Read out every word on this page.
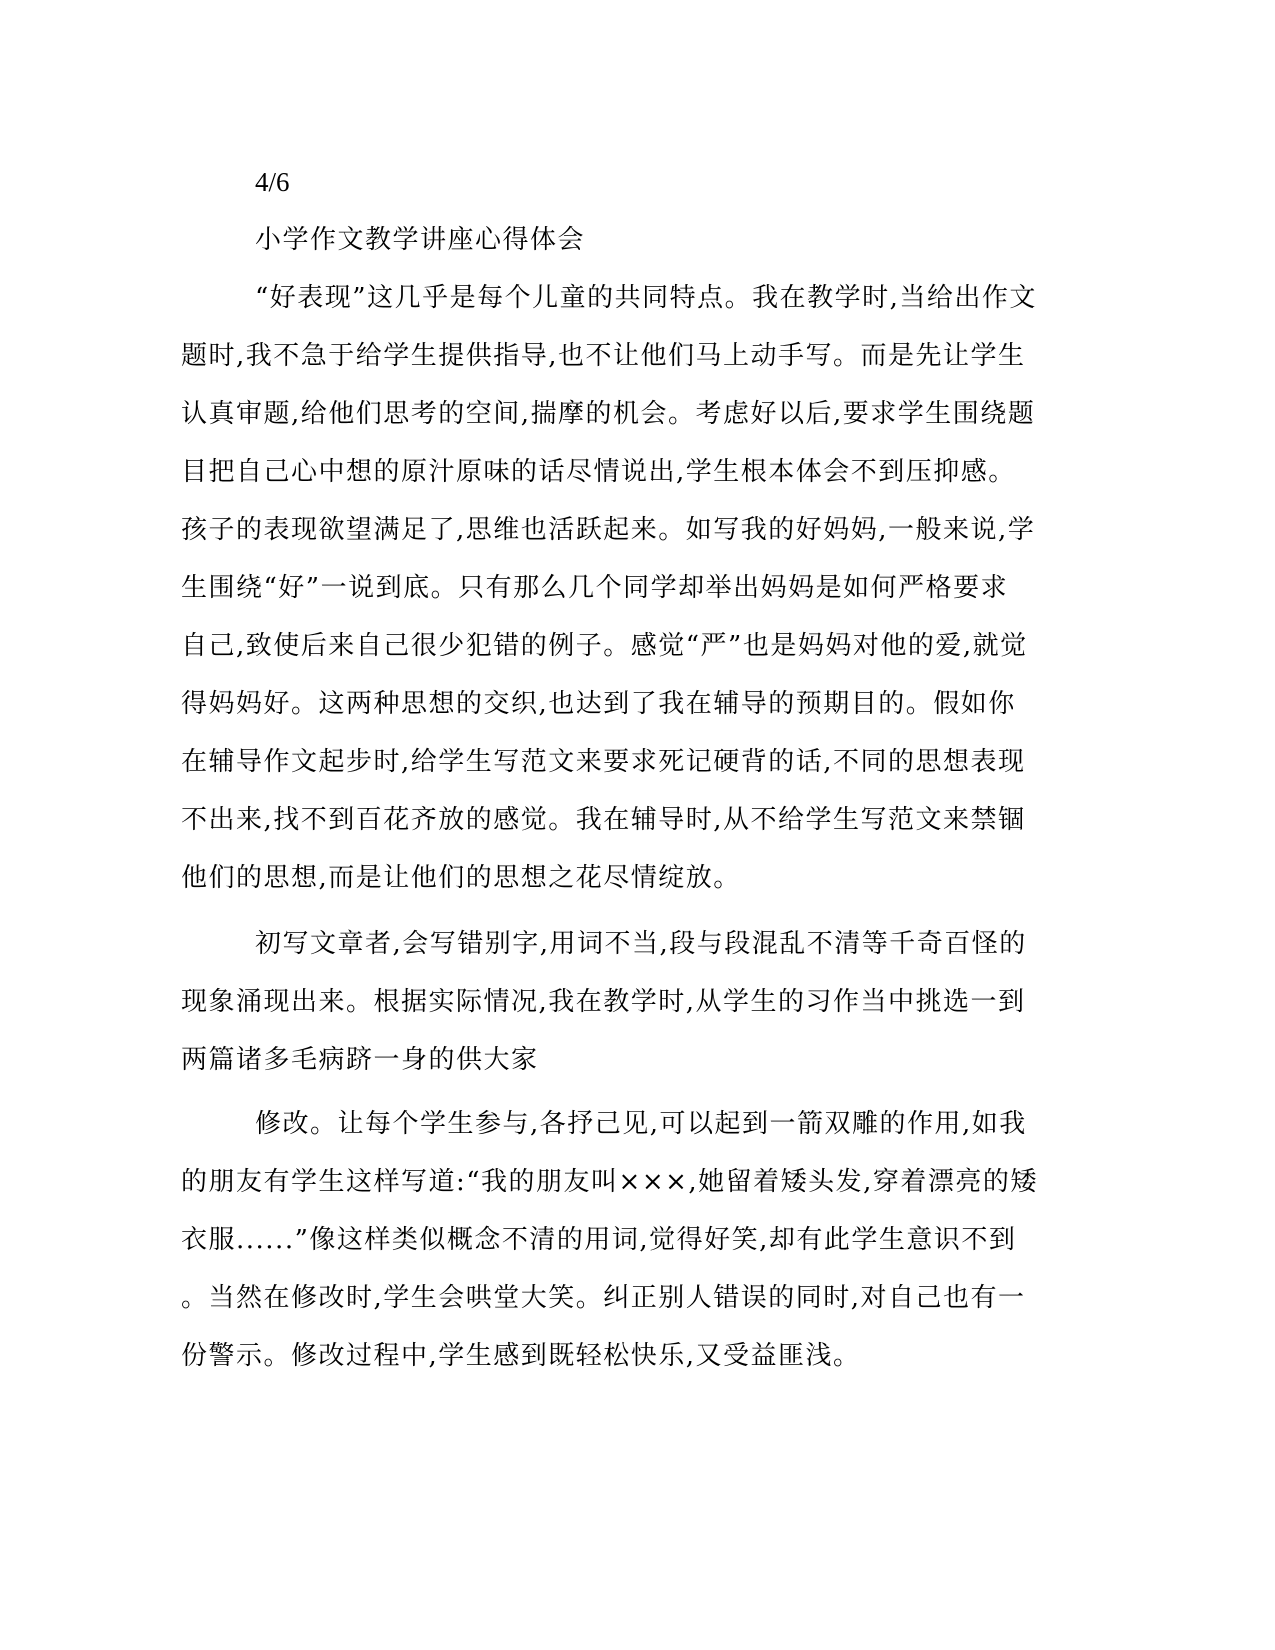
4/6
小学作文教学讲座心得体会
“好表现”这几乎是每个儿童的共同特点。我在教学时,当给出作文
题时,我不急于给学生提供指导,也不让他们马上动手写。而是先让学生
认真审题,给他们思考的空间,揣摩的机会。考虑好以后,要求学生围绕题
目把自己心中想的原汁原味的话尽情说出,学生根本体会不到压抑感。
孩子的表现欲望满足了,思维也活跃起来。如写我的好妈妈,一般来说,学
生围绕“好”一说到底。只有那么几个同学却举出妈妈是如何严格要求
自己,致使后来自己很少犯错的例子。感觉“严”也是妈妈对他的爱,就觉
得妈妈好。这两种思想的交织,也达到了我在辅导的预期目的。假如你
在辅导作文起步时,给学生写范文来要求死记硬背的话,不同的思想表现
不出来,找不到百花齐放的感觉。我在辅导时,从不给学生写范文来禁锢
他们的思想,而是让他们的思想之花尽情绽放。
初写文章者,会写错别字,用词不当,段与段混乱不清等千奇百怪的
现象涌现出来。根据实际情况,我在教学时,从学生的习作当中挑选一到
两篇诸多毛病跻一身的供大家
修改。让每个学生参与,各抒己见,可以起到一箭双雕的作用,如我
的朋友有学生这样写道:“我的朋友叫×××,她留着矮头发,穿着漂亮的矮
衣服......”像这样类似概念不清的用词,觉得好笑,却有此学生意识不到
。当然在修改时,学生会哄堂大笑。纠正别人错误的同时,对自己也有一
份警示。修改过程中,学生感到既轻松快乐,又受益匪浅。
